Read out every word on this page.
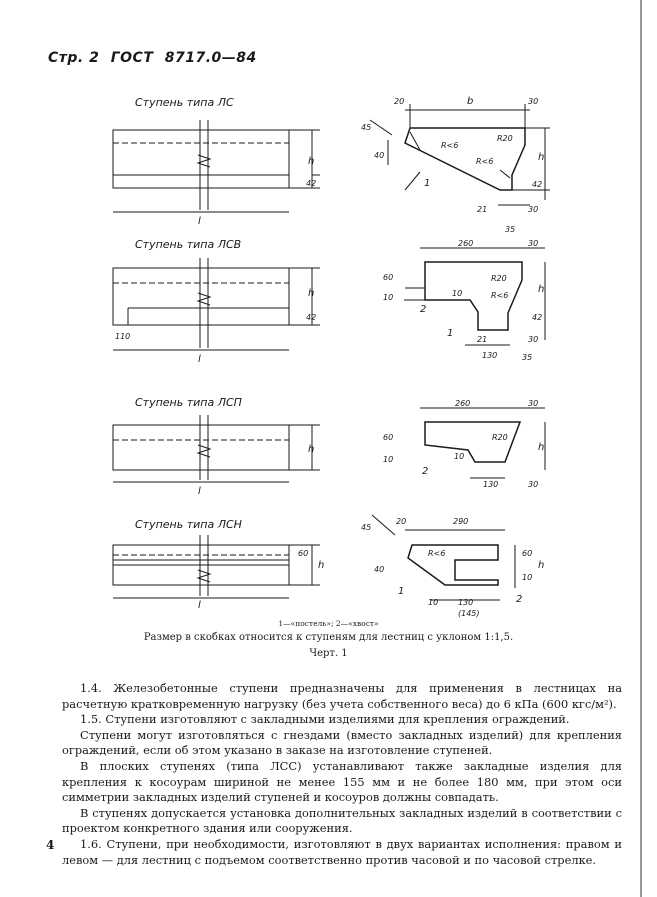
Стр. 2 ГОСТ 8717.0—84
Ступень типа ЛС
l
h
42
20	b	30
45
40
R20
R<6
R<6	h
42
21	30
35
1
Ступень типа ЛСВ
110
l
h
42
260	30
60
10
R20
R<6
10	h
42
21	30
130	35
2
1
Ступень типа ЛСП
l
h
260	30
60
10
R20
10
h
130	30
2
Ступень типа ЛСН
l
h
60
45
20	290
40
R<6	60
10
h
1
10 130
(145)
2
1—«постель»; 2—«хвост»
Размер в скобках относится к ступеням для лестниц с уклоном 1:1,5.
Черт. 1

1.4. Железобетонные ступени предназначены для применения в лестницах на расчетную кратковременную нагрузку (без учета собственного веса) до 6 кПа (600 кгс/м²).

1.5. Ступени изготовляют с закладными изделиями для крепления ограждений.

Ступени могут изготовляться с гнездами (вместо закладных изделий) для крепления ограждений, если об этом указано в заказе на изготовление ступеней.

В плоских ступенях (типа ЛСС) устанавливают также закладные изделия для крепления к косоурам шириной не менее 155 мм и не более 180 мм, при этом оси симметрии закладных изделий ступеней и косоуров должны совпадать.

В ступенях допускается установка дополнительных закладных изделий в соответствии с проектом конкретного здания или сооружения.

1.6. Ступени, при необходимости, изготовляют в двух вариантах исполнения: правом и левом — для лестниц с подъемом соответственно против часовой и по часовой стрелке.

4
